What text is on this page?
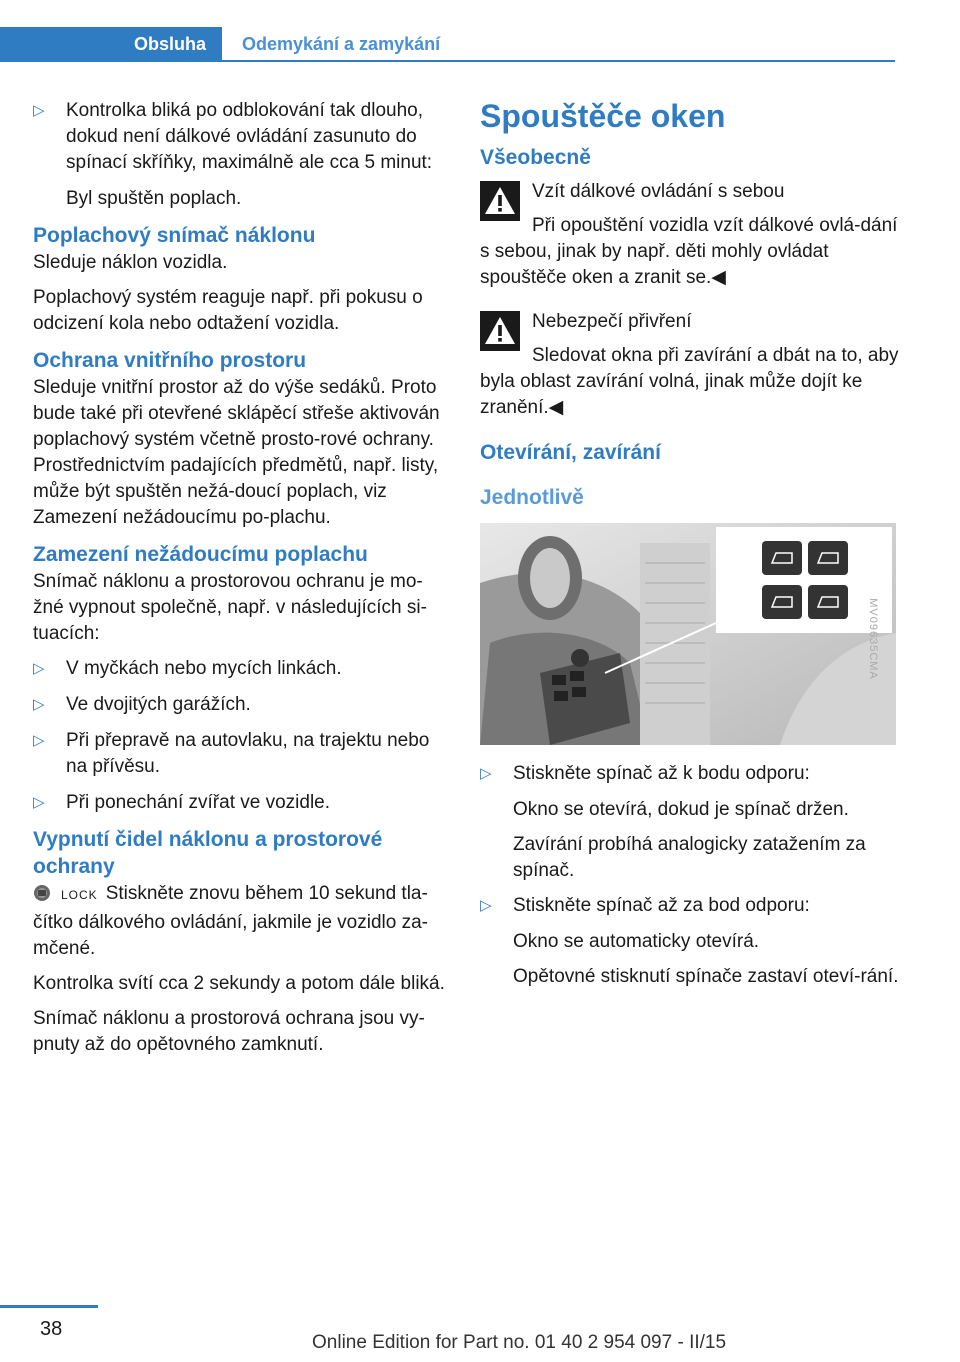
Obsluha	Odemykání a zamykání
▷ Kontrolka bliká po odblokování tak dlouho, dokud není dálkové ovládání zasunuto do spínací skříňky, maximálně ale cca 5 minut:

Byl spuštěn poplach.

Poplachový snímač náklonu

Sleduje náklon vozidla.

Poplachový systém reaguje např. při pokusu o odcizení kola nebo odtažení vozidla.

Ochrana vnitřního prostoru

Sleduje vnitřní prostor až do výše sedáků. Proto bude také při otevřené sklápěcí střeše aktivován poplachový systém včetně prosto-rové ochrany. Prostřednictvím padajících předmětů, např. listy, může být spuštěn nežá-doucí poplach, viz Zamezení nežádoucímu po-plachu.

Zamezení nežádoucímu poplachu

Snímač náklonu a prostorovou ochranu je mo-žné vypnout společně, např. v následujících si-tuacích:

▷ V myčkách nebo mycích linkách.

▷ Ve dvojitých garážích.

▷ Při přepravě na autovlaku, na trajektu nebo na přívěsu.

▷ Při ponechání zvířat ve vozidle.

Vypnutí čidel náklonu a prostorové ochrany

LOCK Stiskněte znovu během 10 sekund tla-čítko dálkového ovládání, jakmile je vozidlo za-mčené.

Kontrolka svítí cca 2 sekundy a potom dále bliká.

Snímač náklonu a prostorová ochrana jsou vy-pnuty až do opětovného zamknutí.

Spouštěče oken
Všeobecně

Vzít dálkové ovládání s sebou

Při opouštění vozidla vzít dálkové ovlá-dání s sebou, jinak by např. děti mohly ovládat spouštěče oken a zranit se.◀

Nebezpečí přivření

Sledovat okna při zavírání a dbát na to, aby byla oblast zavírání volná, jinak může dojít ke zranění.◀

Otevírání, zavírání
Jednotlivě
MV09635CMA
▷ Stiskněte spínač až k bodu odporu:

Okno se otevírá, dokud je spínač držen.

Zavírání probíhá analogicky zatažením za spínač.

▷ Stiskněte spínač až za bod odporu:

Okno se automaticky otevírá.

Opětovné stisknutí spínače zastaví oteví-rání.

38
Online Edition for Part no. 01 40 2 954 097 - II/15
